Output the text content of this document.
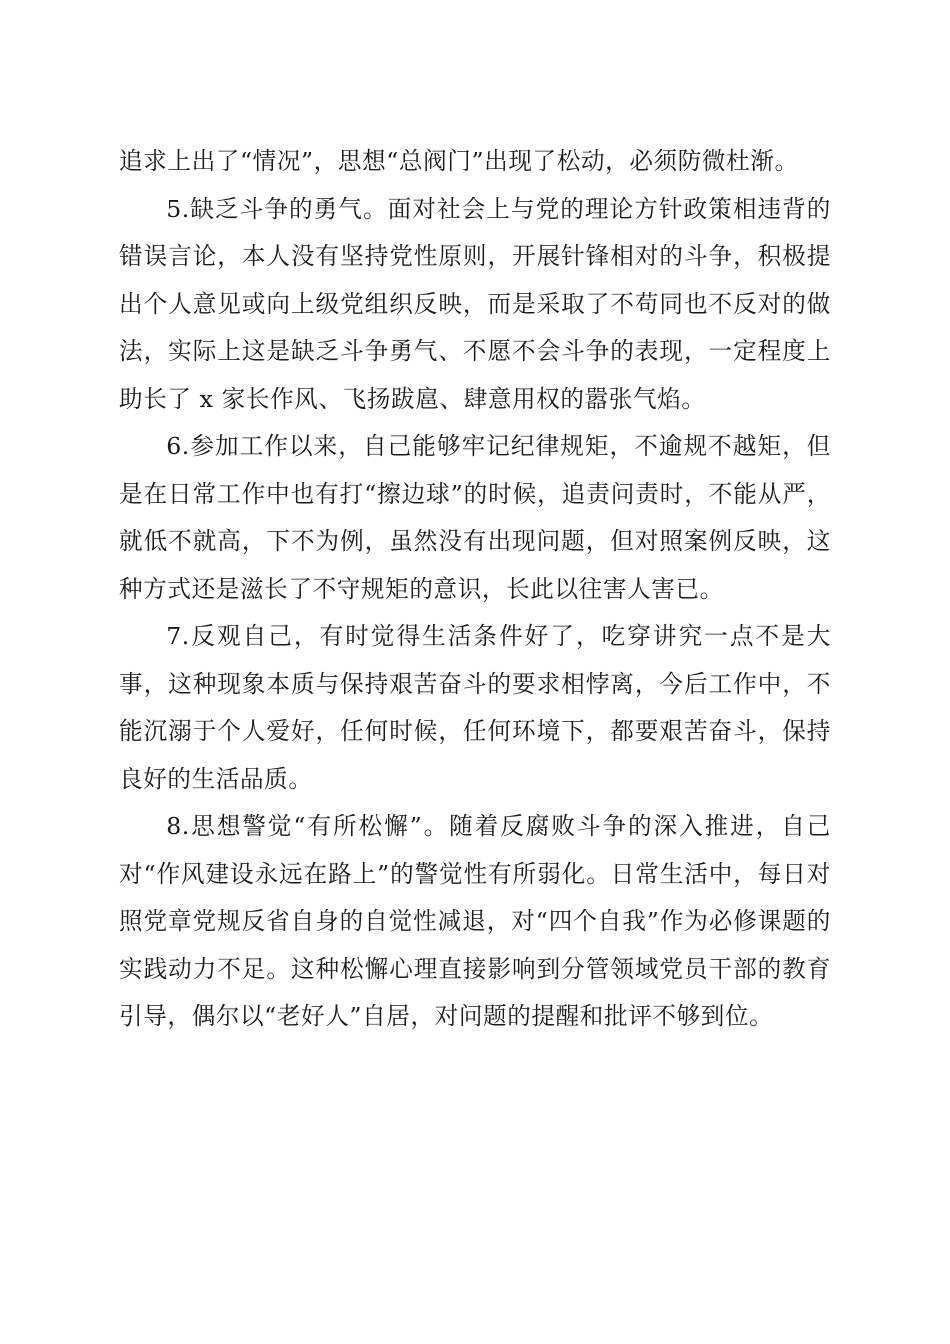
追求上出了“情况”，思想“总阀门”出现了松动，必须防微杜渐。

5.缺乏斗争的勇气。面对社会上与党的理论方针政策相违背的错误言论，本人没有坚持党性原则，开展针锋相对的斗争，积极提出个人意见或向上级党组织反映，而是采取了不苟同也不反对的做法，实际上这是缺乏斗争勇气、不愿不会斗争的表现，一定程度上助长了 x 家长作风、飞扬跋扈、肆意用权的嚣张气焰。

6.参加工作以来，自己能够牢记纪律规矩，不逾规不越矩，但是在日常工作中也有打“擦边球”的时候，追责问责时，不能从严，就低不就高，下不为例，虽然没有出现问题，但对照案例反映，这种方式还是滋长了不守规矩的意识，长此以往害人害已。

7.反观自己，有时觉得生活条件好了，吃穿讲究一点不是大事，这种现象本质与保持艰苦奋斗的要求相悖离，今后工作中，不能沉溺于个人爱好，任何时候，任何环境下，都要艰苦奋斗，保持良好的生活品质。

8.思想警觉“有所松懈”。随着反腐败斗争的深入推进，自己对“作风建设永远在路上”的警觉性有所弱化。日常生活中，每日对照党章党规反省自身的自觉性减退，对“四个自我”作为必修课题的实践动力不足。这种松懈心理直接影响到分管领域党员干部的教育引导，偶尔以“老好人”自居，对问题的提醒和批评不够到位。
